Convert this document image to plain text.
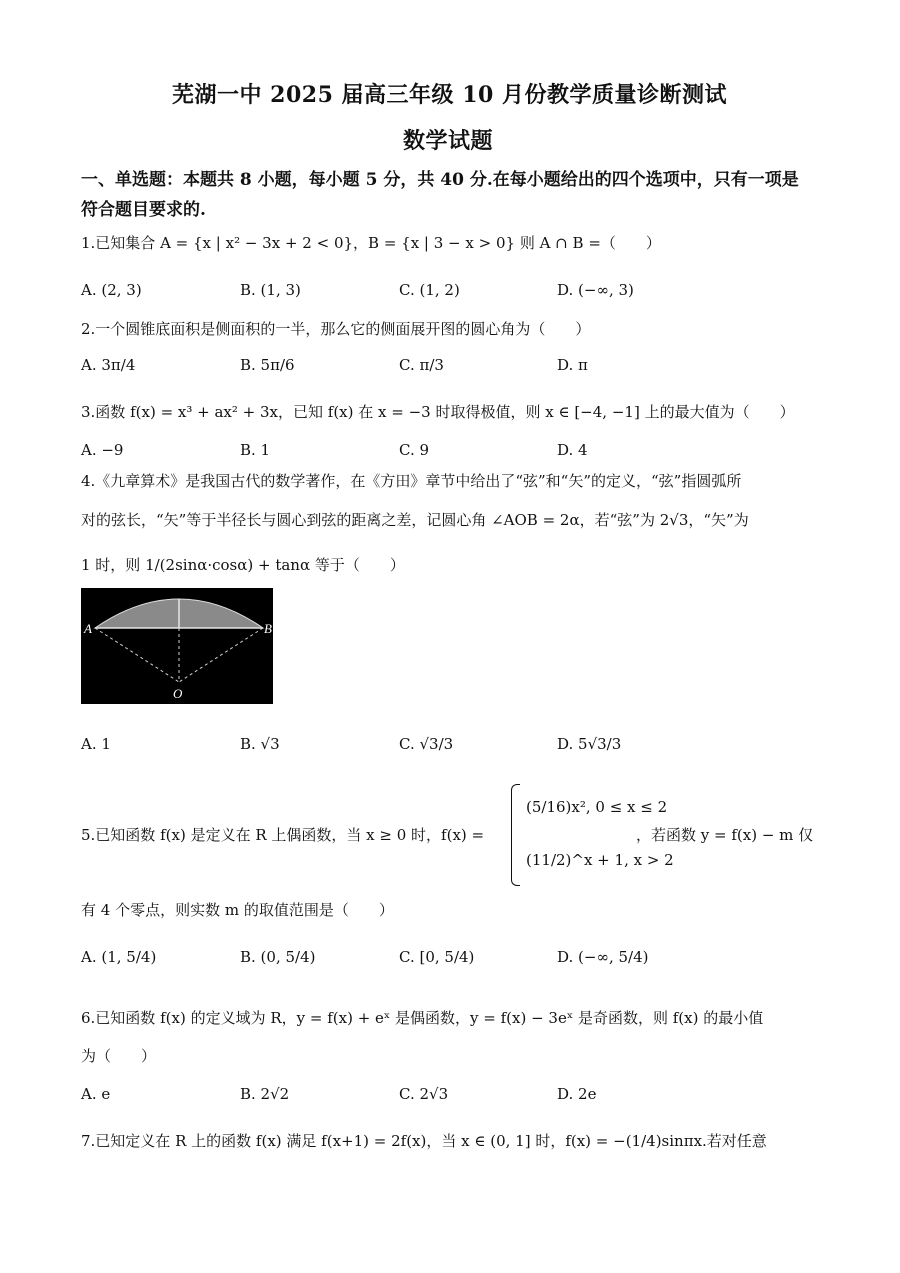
芜湖一中 2025 届高三年级 10 月份教学质量诊断测试
数学试题
一、单选题：本题共 8 小题，每小题 5 分，共 40 分.在每小题给出的四个选项中，只有一项是
符合题目要求的.
1.已知集合 A = {x | x² − 3x + 2 < 0}，B = {x | 3 − x > 0} 则 A ∩ B =（　　）
A. (2, 3)	B. (1, 3)	C. (1, 2)	D. (−∞, 3)
2.一个圆锥底面积是侧面积的一半，那么它的侧面展开图的圆心角为（　　）
A. 3π/4	B. 5π/6	C. π/3	D. π
3.函数 f(x) = x³ + ax² + 3x，已知 f(x) 在 x = −3 时取得极值，则 x ∈ [−4, −1] 上的最大值为（　　）
A. −9	B. 1	C. 9	D. 4
4.《九章算术》是我国古代的数学著作，在《方田》章节中给出了“弦”和“矢”的定义，“弦”指圆弧所
对的弦长，“矢”等于半径长与圆心到弦的距离之差，记圆心角 ∠AOB = 2α，若“弦”为 2√3，“矢”为
1 时，则 1/(2sinα·cosα) + tanα 等于（　　）
A	B
O
A. 1	B. √3	C. √3/3	D. 5√3/3
5.已知函数 f(x) 是定义在 R 上偶函数，当 x ≥ 0 时，f(x) =
(5/16)x², 0 ≤ x ≤ 2
(11/2)^x + 1, x > 2
，若函数 y = f(x) − m 仅
有 4 个零点，则实数 m 的取值范围是（　　）
A. (1, 5/4)	B. (0, 5/4)	C. [0, 5/4)	D. (−∞, 5/4)
6.已知函数 f(x) 的定义域为 R，y = f(x) + eˣ 是偶函数，y = f(x) − 3eˣ 是奇函数，则 f(x) 的最小值
为（　　）
A. e	B. 2√2	C. 2√3	D. 2e
7.已知定义在 R 上的函数 f(x) 满足 f(x+1) = 2f(x)，当 x ∈ (0, 1] 时，f(x) = −(1/4)sinπx.若对任意
